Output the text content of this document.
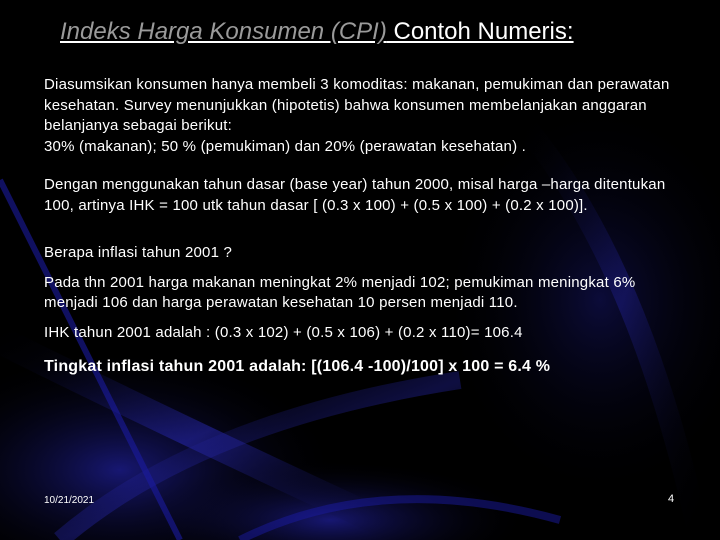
Indeks Harga Konsumen (CPI) Contoh Numeris:

Diasumsikan konsumen hanya membeli 3 komoditas: makanan, pemukiman dan perawatan kesehatan. Survey menunjukkan (hipotetis) bahwa konsumen membelanjakan anggaran belanjanya sebagai berikut:

30% (makanan); 50 % (pemukiman) dan 20% (perawatan kesehatan) .

Dengan menggunakan tahun dasar (base year) tahun 2000, misal harga –harga ditentukan 100, artinya IHK = 100 utk tahun dasar [ (0.3 x 100) + (0.5 x 100) + (0.2 x 100)].

Berapa inflasi tahun 2001 ?

Pada thn 2001 harga makanan meningkat 2% menjadi 102; pemukiman meningkat 6% menjadi 106 dan harga perawatan kesehatan 10 persen menjadi 110.

IHK tahun 2001 adalah : (0.3 x 102) + (0.5 x 106) + (0.2 x 110)= 106.4

Tingkat inflasi tahun 2001 adalah: [(106.4 -100)/100] x 100 = 6.4 %

10/21/2021	4
